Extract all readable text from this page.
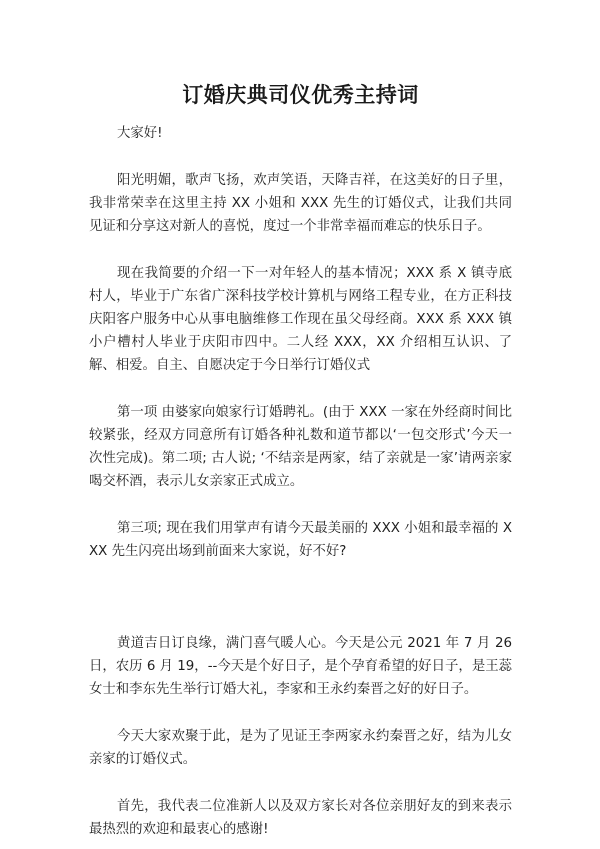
订婚庆典司仪优秀主持词

大家好!

阳光明媚，歌声飞扬，欢声笑语，天降吉祥，在这美好的日子里，我非常荣幸在这里主持 XX 小姐和 XXX 先生的订婚仪式，让我们共同见证和分享这对新人的喜悦，度过一个非常幸福而难忘的快乐日子。

现在我简要的介绍一下一对年轻人的基本情况；XXX 系 X 镇寺底村人，毕业于广东省广深科技学校计算机与网络工程专业，在方正科技庆阳客户服务中心从事电脑维修工作现在虽父母经商。XXX 系 XXX 镇小户槽村人毕业于庆阳市四中。二人经 XXX，XX 介绍相互认识、了解、相爱。自主、自愿决定于今日举行订婚仪式

第一项 由婆家向娘家行订婚聘礼。(由于 XXX 一家在外经商时间比较紧张，经双方同意所有订婚各种礼数和道节都以‘一包交形式’今天一次性完成)。第二项; 古人说; ‘不结亲是两家，结了亲就是一家’请两亲家喝交杯酒，表示儿女亲家正式成立。

第三项; 现在我们用掌声有请今天最美丽的 XXX 小姐和最幸福的 XXX 先生闪亮出场到前面来大家说，好不好?

黄道吉日订良缘，满门喜气暖人心。今天是公元 2021 年 7 月 26 日，农历 6 月 19，--今天是个好日子，是个孕育希望的好日子，是王蕊女士和李东先生举行订婚大礼，李家和王永约秦晋之好的好日子。

今天大家欢聚于此，是为了见证王李两家永约秦晋之好，结为儿女亲家的订婚仪式。

首先，我代表二位准新人以及双方家长对各位亲朋好友的到来表示最热烈的欢迎和最衷心的感谢!
